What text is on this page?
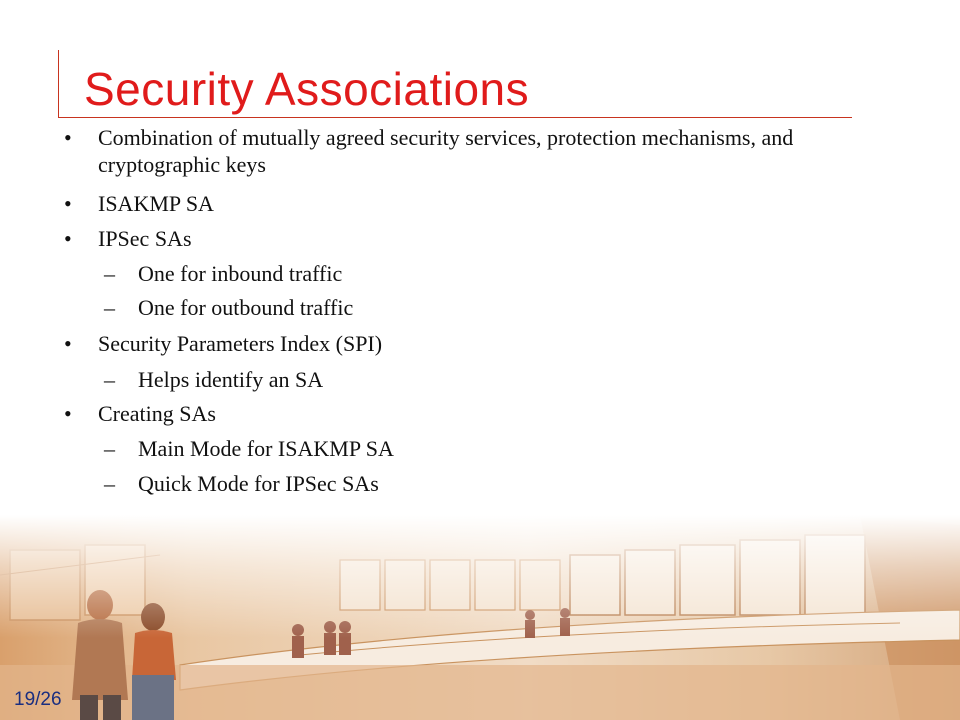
Security Associations
• Combination of mutually agreed security services, protection mechanisms, and cryptographic keys
• ISAKMP SA
• IPSec SAs
– One for inbound traffic
– One for outbound traffic
• Security Parameters Index (SPI)
– Helps identify an SA
• Creating SAs
– Main Mode for ISAKMP SA
– Quick Mode for IPSec SAs
19/26
